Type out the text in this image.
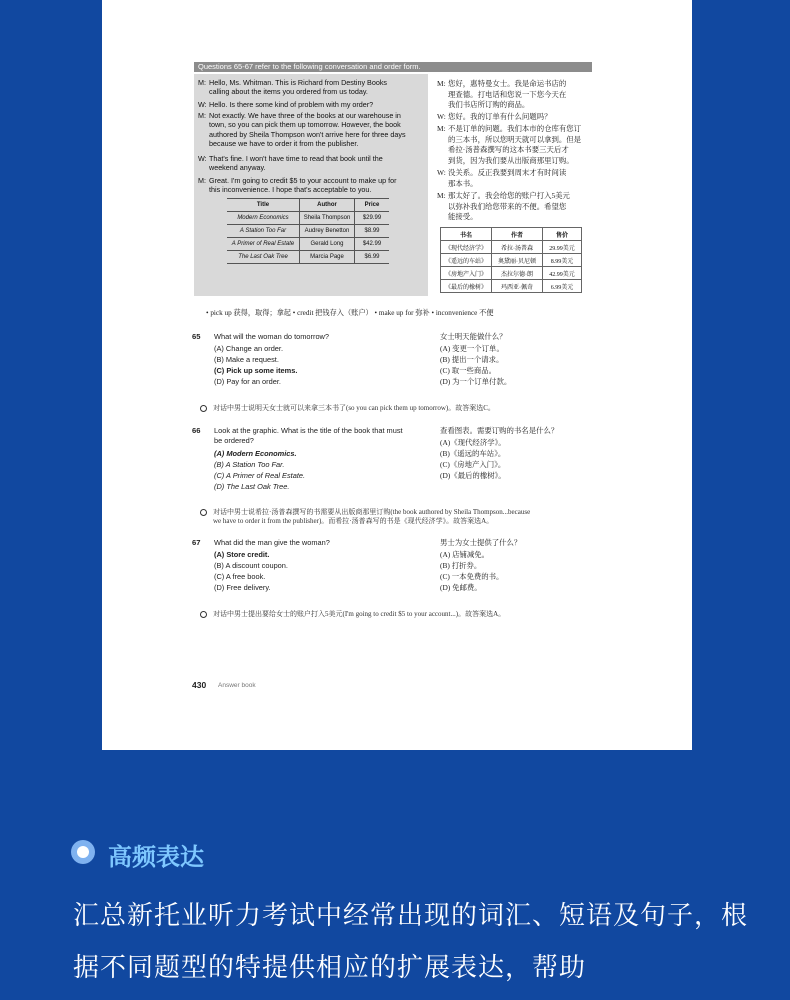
Questions 65-67 refer to the following conversation and order form.
M: Hello, Ms. Whitman. This is Richard from Destiny Books
calling about the items you ordered from us today.
W: Hello. Is there some kind of problem with my order?
M: Not exactly. We have three of the books at our warehouse in
town, so you can pick them up tomorrow. However, the book
authored by Sheila Thompson won't arrive here for three days
because we have to order it from the publisher.
W: That's fine. I won't have time to read that book until the
weekend anyway.
M: Great. I'm going to credit $5 to your account to make up for
this inconvenience. I hope that's acceptable to you.
Title	Author	Price
Modern Economics	Sheila Thompson	$29.99
A Station Too Far	Audrey Benetton	$8.99
A Primer of Real Estate	Gerald Long	$42.99
The Last Oak Tree	Marcia Page	$6.99
M: 您好，惠特曼女士。我是命运书店的
理查德。打电话和您说一下您今天在
我们书店所订购的商品。
W: 您好。我的订单有什么问题吗？
M: 不是订单的问题。我们本市的仓库有您订
的三本书，所以您明天就可以拿到。但是
希拉·汤普森撰写的这本书要三天后才
到货，因为我们要从出版商那里订购。
W: 没关系。反正我要到周末才有时间读
那本书。
M: 那太好了。我会给您的账户打入5美元
以弥补我们给您带来的不便。希望您
能接受。
书名	作者	售价
《现代经济学》	希拉·汤普森	29.99美元
《遥远的车站》	奥黛丽·贝尼顿	8.99美元
《房地产入门》	杰拉尔德·朗	42.99美元
《最后的橡树》	玛西亚·佩奇	6.99美元
• pick up 获得，取得；拿起 • credit 把钱存入（账户） • make up for 弥补 • inconvenience 不便
65 What will the woman do tomorrow?
(A) Change an order.
(B) Make a request.
(C) Pick up some items.
(D) Pay for an order.
女士明天能做什么？
(A) 变更一个订单。
(B) 提出一个请求。
(C) 取一些商品。
(D) 为一个订单付款。
对话中男士说明天女士就可以来拿三本书了(so you can pick them up tomorrow)。故答案选C。
66 Look at the graphic. What is the title of the book that must
be ordered?
(A) Modern Economics.
(B) A Station Too Far.
(C) A Primer of Real Estate.
(D) The Last Oak Tree.
查看图表。需要订购的书名是什么？
(A)《现代经济学》。
(B)《遥远的车站》。
(C)《房地产入门》。
(D)《最后的橡树》。
对话中男士说希拉·汤普森撰写的书需要从出版商那里订购(the book authored by Sheila Thompson...because
we have to order it from the publisher)。而希拉·汤普森写的书是《现代经济学》。故答案选A。
67 What did the man give the woman?
(A) Store credit.
(B) A discount coupon.
(C) A free book.
(D) Free delivery.
男士为女士提供了什么？
(A) 店铺减免。
(B) 打折券。
(C) 一本免费的书。
(D) 免邮费。
对话中男士提出要给女士的账户打入5美元(I'm going to credit $5 to your account...)。故答案选A。
430 Answer book
高频表达
汇总新托业听力考试中经常出现的词汇、短语及句子，根据不同题型的特提供相应的扩展表达，帮助
